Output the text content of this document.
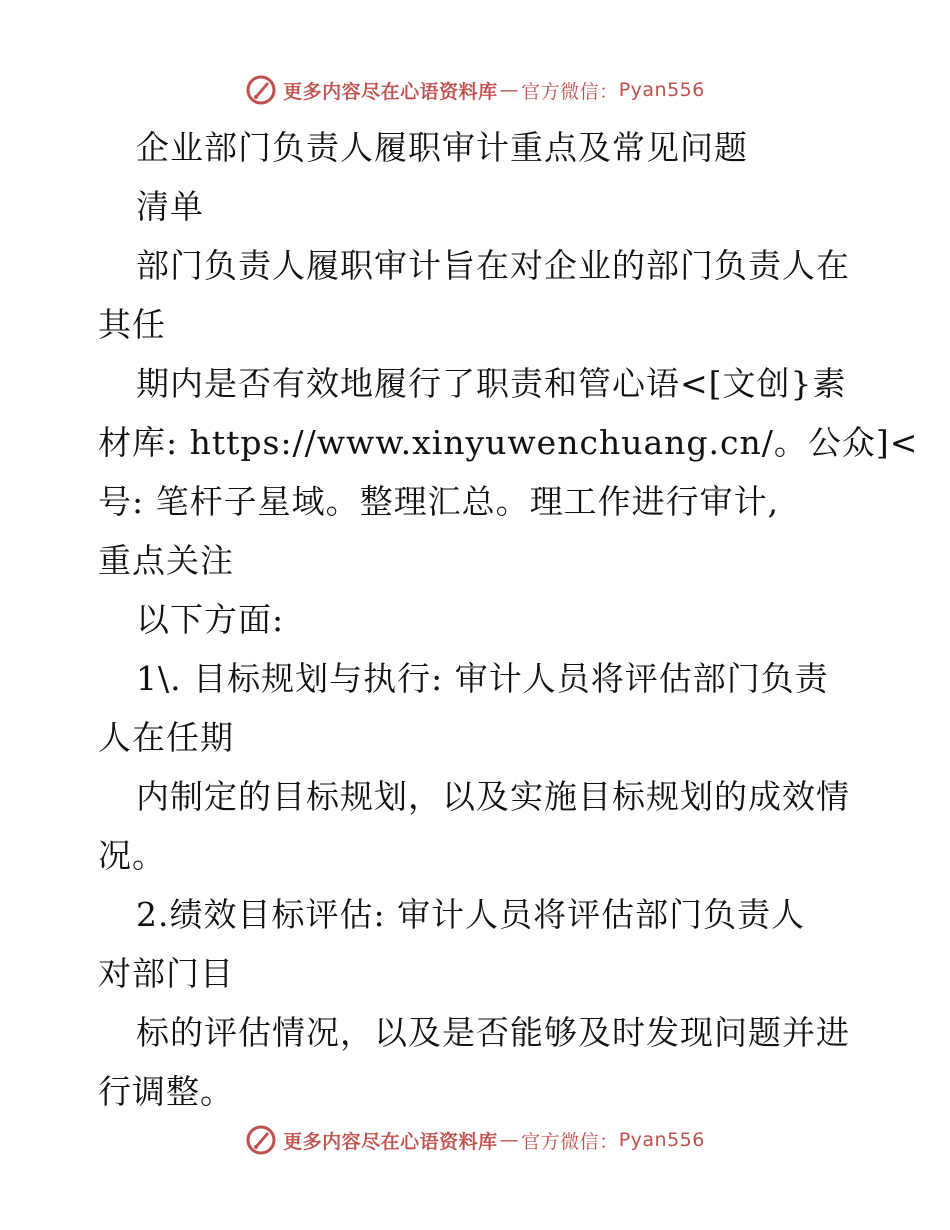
更多内容尽在心语资料库 — 官方微信： Pyan556
企业部门负责人履职审计重点及常见问题
清单
部门负责人履职审计旨在对企业的部门负责人在
其任
期内是否有效地履行了职责和管心语<[文创}素
材库: https://www.xinyuwenchuang.cn/。公众]<
号: 笔杆子星域。整理汇总。理工作进行审计,
重点关注
以下方面:
1\. 目标规划与执行: 审计人员将评估部门负责
人在任期
内制定的目标规划，以及实施目标规划的成效情
况。
2.绩效目标评估: 审计人员将评估部门负责人
对部门目
标的评估情况，以及是否能够及时发现问题并进
行调整。
更多内容尽在心语资料库 — 官方微信： Pyan556
